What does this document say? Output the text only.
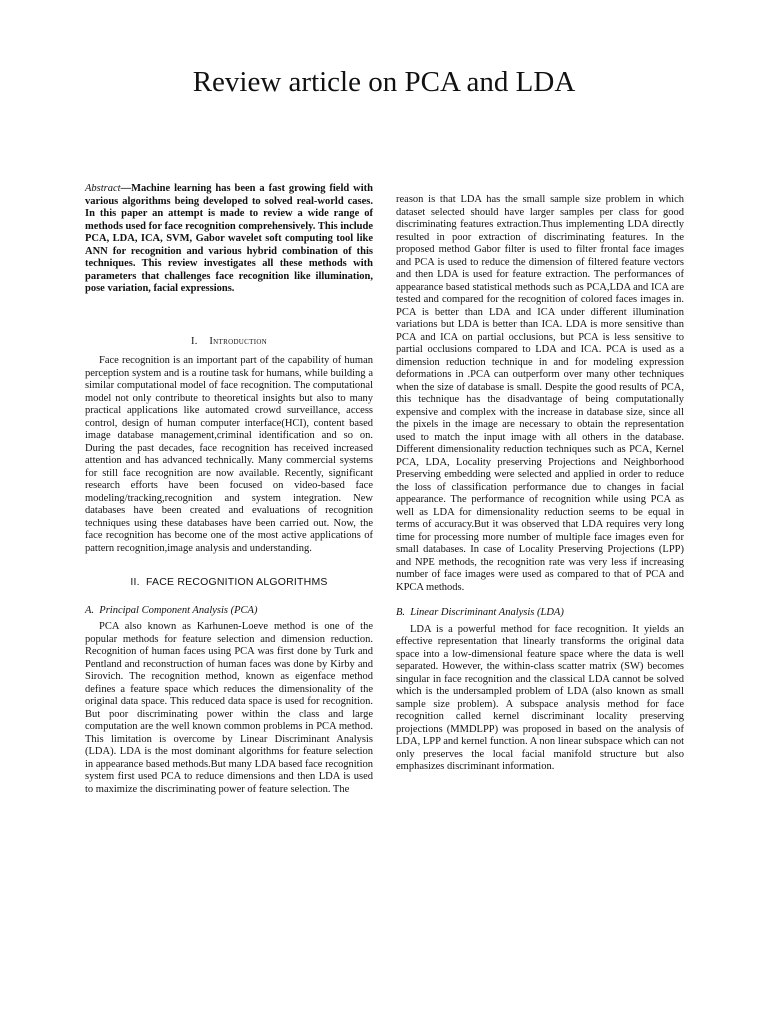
Review article on PCA and LDA

Abstract—Machine learning has been a fast growing field with various algorithms being developed to solved real-world cases. In this paper an attempt is made to review a wide range of methods used for face recognition comprehensively. This include PCA, LDA, ICA, SVM, Gabor wavelet soft computing tool like ANN for recognition and various hybrid combination of this techniques. This review investigates all these methods with parameters that challenges face recognition like illumination, pose variation, facial expressions.

I. Introduction

Face recognition is an important part of the capability of human perception system and is a routine task for humans, while building a similar computational model of face recognition. The computational model not only contribute to theoretical insights but also to many practical applications like automated crowd surveillance, access control, design of human computer interface(HCI), content based image database management,criminal identification and so on. During the past decades, face recognition has received increased attention and has advanced technically. Many commercial systems for still face recognition are now available. Recently, significant research efforts have been focused on video-based face modeling/tracking,recognition and system integration. New databases have been created and evaluations of recognition techniques using these databases have been carried out. Now, the face recognition has become one of the most active applications of pattern recognition,image analysis and understanding.

II. FACE RECOGNITION ALGORITHMS

A. Principal Component Analysis (PCA)

PCA also known as Karhunen-Loeve method is one of the popular methods for feature selection and dimension reduction. Recognition of human faces using PCA was first done by Turk and Pentland and reconstruction of human faces was done by Kirby and Sirovich. The recognition method, known as eigenface method defines a feature space which reduces the dimensionality of the original data space. This reduced data space is used for recognition. But poor discriminating power within the class and large computation are the well known common problems in PCA method. This limitation is overcome by Linear Discriminant Analysis (LDA). LDA is the most dominant algorithms for feature selection in appearance based methods.But many LDA based face recognition system first used PCA to reduce dimensions and then LDA is used to maximize the discriminating power of feature selection. The

reason is that LDA has the small sample size problem in which dataset selected should have larger samples per class for good discriminating features extraction.Thus implementing LDA directly resulted in poor extraction of discriminating features. In the proposed method Gabor filter is used to filter frontal face images and PCA is used to reduce the dimension of filtered feature vectors and then LDA is used for feature extraction. The performances of appearance based statistical methods such as PCA,LDA and ICA are tested and compared for the recognition of colored faces images in. PCA is better than LDA and ICA under different illumination variations but LDA is better than ICA. LDA is more sensitive than PCA and ICA on partial occlusions, but PCA is less sensitive to partial occlusions compared to LDA and ICA. PCA is used as a dimension reduction technique in and for modeling expression deformations in .PCA can outperform over many other techniques when the size of database is small. Despite the good results of PCA, this technique has the disadvantage of being computationally expensive and complex with the increase in database size, since all the pixels in the image are necessary to obtain the representation used to match the input image with all others in the database. Different dimensionality reduction techniques such as PCA, Kernel PCA, LDA, Locality preserving Projections and Neighborhood Preserving embedding were selected and applied in order to reduce the loss of classification performance due to changes in facial appearance. The performance of recognition while using PCA as well as LDA for dimensionality reduction seems to be equal in terms of accuracy.But it was observed that LDA requires very long time for processing more number of multiple face images even for small databases. In case of Locality Preserving Projections (LPP) and NPE methods, the recognition rate was very less if increasing number of face images were used as compared to that of PCA and KPCA methods.

B. Linear Discriminant Analysis (LDA)

LDA is a powerful method for face recognition. It yields an effective representation that linearly transforms the original data space into a low-dimensional feature space where the data is well separated. However, the within-class scatter matrix (SW) becomes singular in face recognition and the classical LDA cannot be solved which is the undersampled problem of LDA (also known as small sample size problem). A subspace analysis method for face recognition called kernel discriminant locality preserving projections (MMDLPP) was proposed in based on the analysis of LDA, LPP and kernel function. A non linear subspace which can not only preserves the local facial manifold structure but also emphasizes discriminant information.
